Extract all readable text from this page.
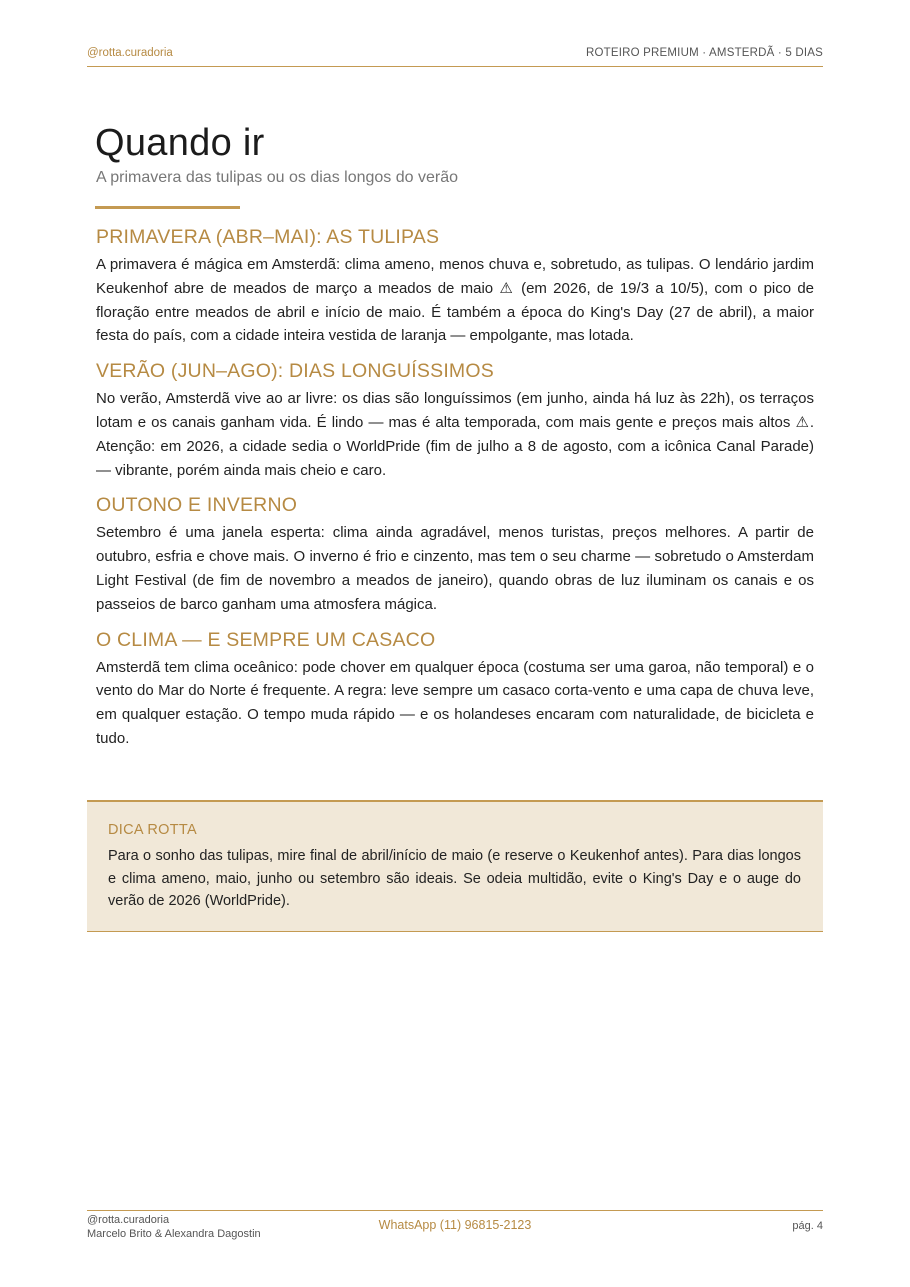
@rotta.curadoria	ROTEIRO PREMIUM · AMSTERDÃ · 5 DIAS
Quando ir
A primavera das tulipas ou os dias longos do verão
PRIMAVERA (ABR–MAI): AS TULIPAS

A primavera é mágica em Amsterdã: clima ameno, menos chuva e, sobretudo, as tulipas. O lendário jardim Keukenhof abre de meados de março a meados de maio ⚠ (em 2026, de 19/3 a 10/5), com o pico de floração entre meados de abril e início de maio. É também a época do King's Day (27 de abril), a maior festa do país, com a cidade inteira vestida de laranja — empolgante, mas lotada.

VERÃO (JUN–AGO): DIAS LONGUÍSSIMOS

No verão, Amsterdã vive ao ar livre: os dias são longuíssimos (em junho, ainda há luz às 22h), os terraços lotam e os canais ganham vida. É lindo — mas é alta temporada, com mais gente e preços mais altos ⚠. Atenção: em 2026, a cidade sedia o WorldPride (fim de julho a 8 de agosto, com a icônica Canal Parade) — vibrante, porém ainda mais cheio e caro.

OUTONO E INVERNO

Setembro é uma janela esperta: clima ainda agradável, menos turistas, preços melhores. A partir de outubro, esfria e chove mais. O inverno é frio e cinzento, mas tem o seu charme — sobretudo o Amsterdam Light Festival (de fim de novembro a meados de janeiro), quando obras de luz iluminam os canais e os passeios de barco ganham uma atmosfera mágica.

O CLIMA — E SEMPRE UM CASACO

Amsterdã tem clima oceânico: pode chover em qualquer época (costuma ser uma garoa, não temporal) e o vento do Mar do Norte é frequente. A regra: leve sempre um casaco corta-vento e uma capa de chuva leve, em qualquer estação. O tempo muda rápido — e os holandeses encaram com naturalidade, de bicicleta e tudo.

DICA ROTTA

Para o sonho das tulipas, mire final de abril/início de maio (e reserve o Keukenhof antes). Para dias longos e clima ameno, maio, junho ou setembro são ideais. Se odeia multidão, evite o King's Day e o auge do verão de 2026 (WorldPride).

@rotta.curadoria
Marcelo Brito & Alexandra Dagostin
WhatsApp (11) 96815-2123	pág. 4
